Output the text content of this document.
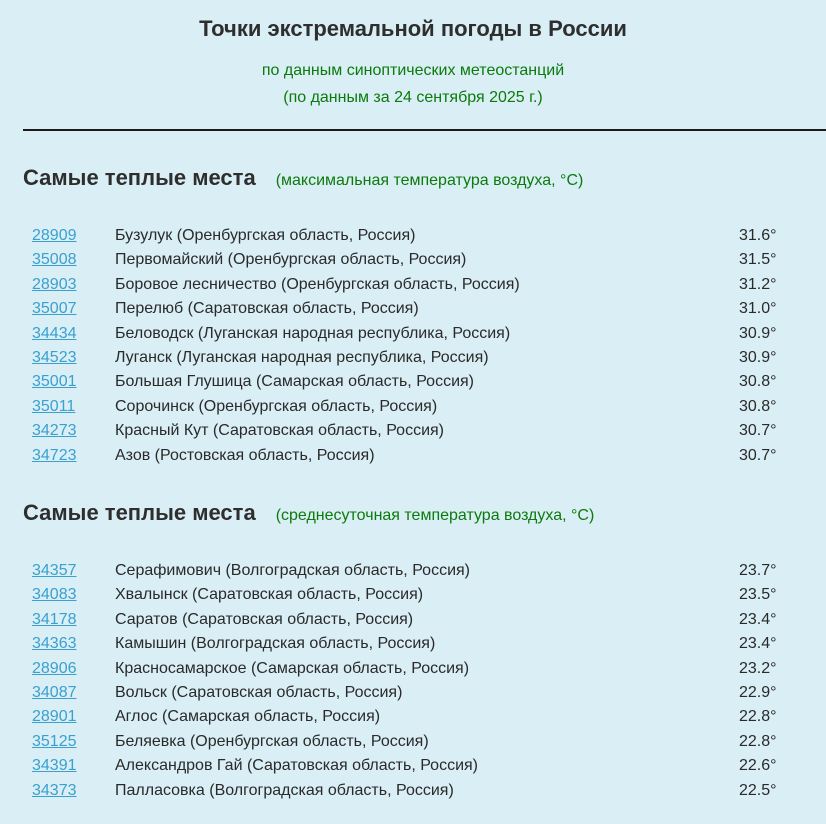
Точки экстремальной погоды в России
по данным синоптических метеостанций
(по данным за 24 сентября 2025 г.)
Самые теплые места (максимальная температура воздуха, °C)
28909 Бузулук (Оренбургская область, Россия)	31.6°
35008 Первомайский (Оренбургская область, Россия)	31.5°
28903 Боровое лесничество (Оренбургская область, Россия)	31.2°
35007 Перелюб (Саратовская область, Россия)	31.0°
34434 Беловодск (Луганская народная республика, Россия)	30.9°
34523 Луганск (Луганская народная республика, Россия)	30.9°
35001 Большая Глушица (Самарская область, Россия)	30.8°
35011 Сорочинск (Оренбургская область, Россия)	30.8°
34273 Красный Кут (Саратовская область, Россия)	30.7°
34723 Азов (Ростовская область, Россия)	30.7°
Самые теплые места (среднесуточная температура воздуха, °C)
34357 Серафимович (Волгоградская область, Россия)	23.7°
34083 Хвалынск (Саратовская область, Россия)	23.5°
34178 Саратов (Саратовская область, Россия)	23.4°
34363 Камышин (Волгоградская область, Россия)	23.4°
28906 Красносамарское (Самарская область, Россия)	23.2°
34087 Вольск (Саратовская область, Россия)	22.9°
28901 Аглос (Самарская область, Россия)	22.8°
35125 Беляевка (Оренбургская область, Россия)	22.8°
34391 Александров Гай (Саратовская область, Россия)	22.6°
34373 Палласовка (Волгоградская область, Россия)	22.5°
